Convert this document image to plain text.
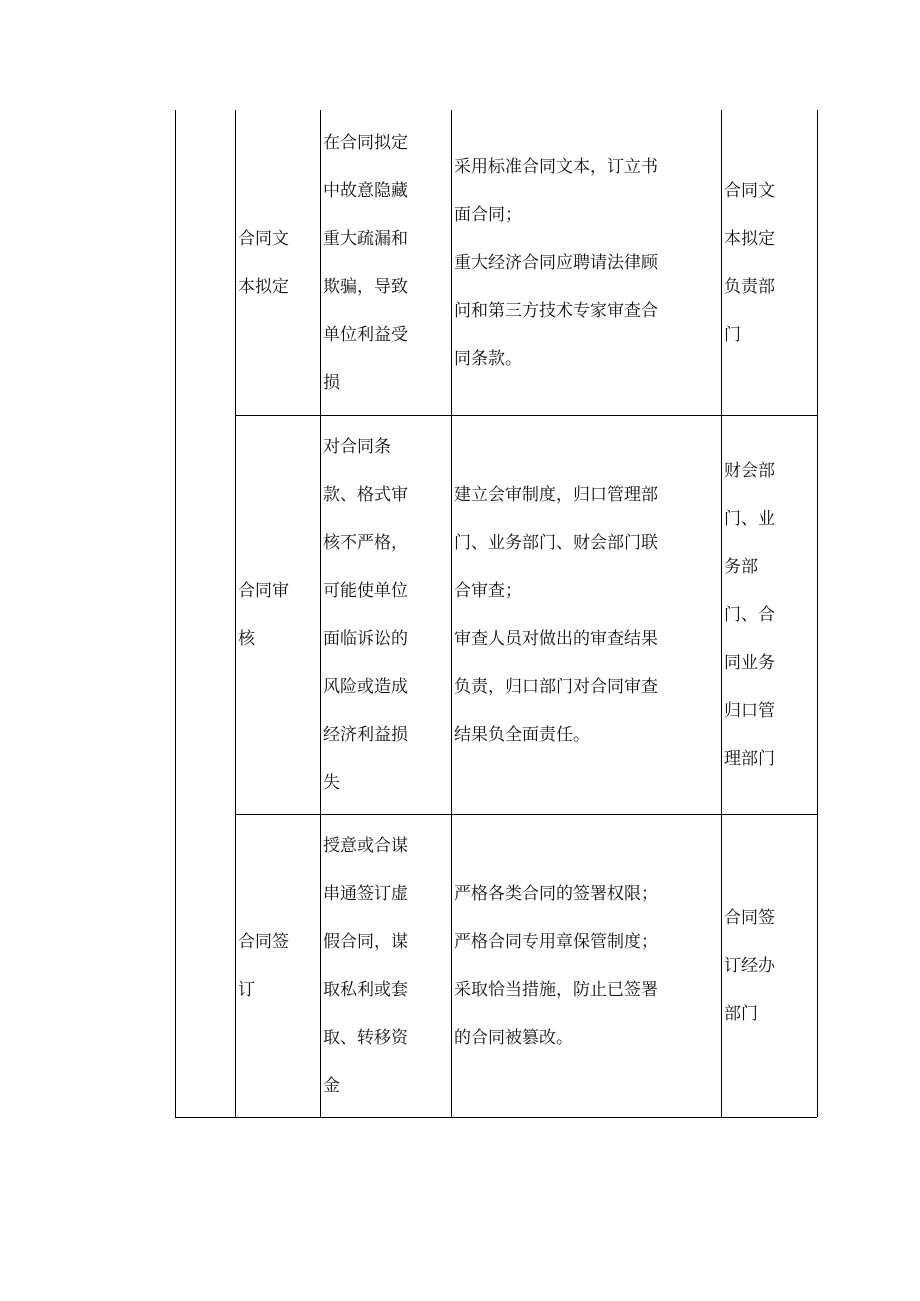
合同文
本拟定
在合同拟定
中故意隐藏
重大疏漏和
欺骗，导致
单位利益受
损
采用标准合同文本，订立书
面合同；
重大经济合同应聘请法律顾
问和第三方技术专家审查合
同条款。
合同文
本拟定
负责部
门
合同审
核
对合同条
款、格式审
核不严格，
可能使单位
面临诉讼的
风险或造成
经济利益损
失
建立会审制度，归口管理部
门、业务部门、财会部门联
合审查；
审查人员对做出的审查结果
负责，归口部门对合同审查
结果负全面责任。
财会部
门、业
务部
门、合
同业务
归口管
理部门
合同签
订
授意或合谋
串通签订虚
假合同，谋
取私利或套
取、转移资
金
严格各类合同的签署权限；
严格合同专用章保管制度；
采取恰当措施，防止已签署
的合同被篡改。
合同签
订经办
部门
